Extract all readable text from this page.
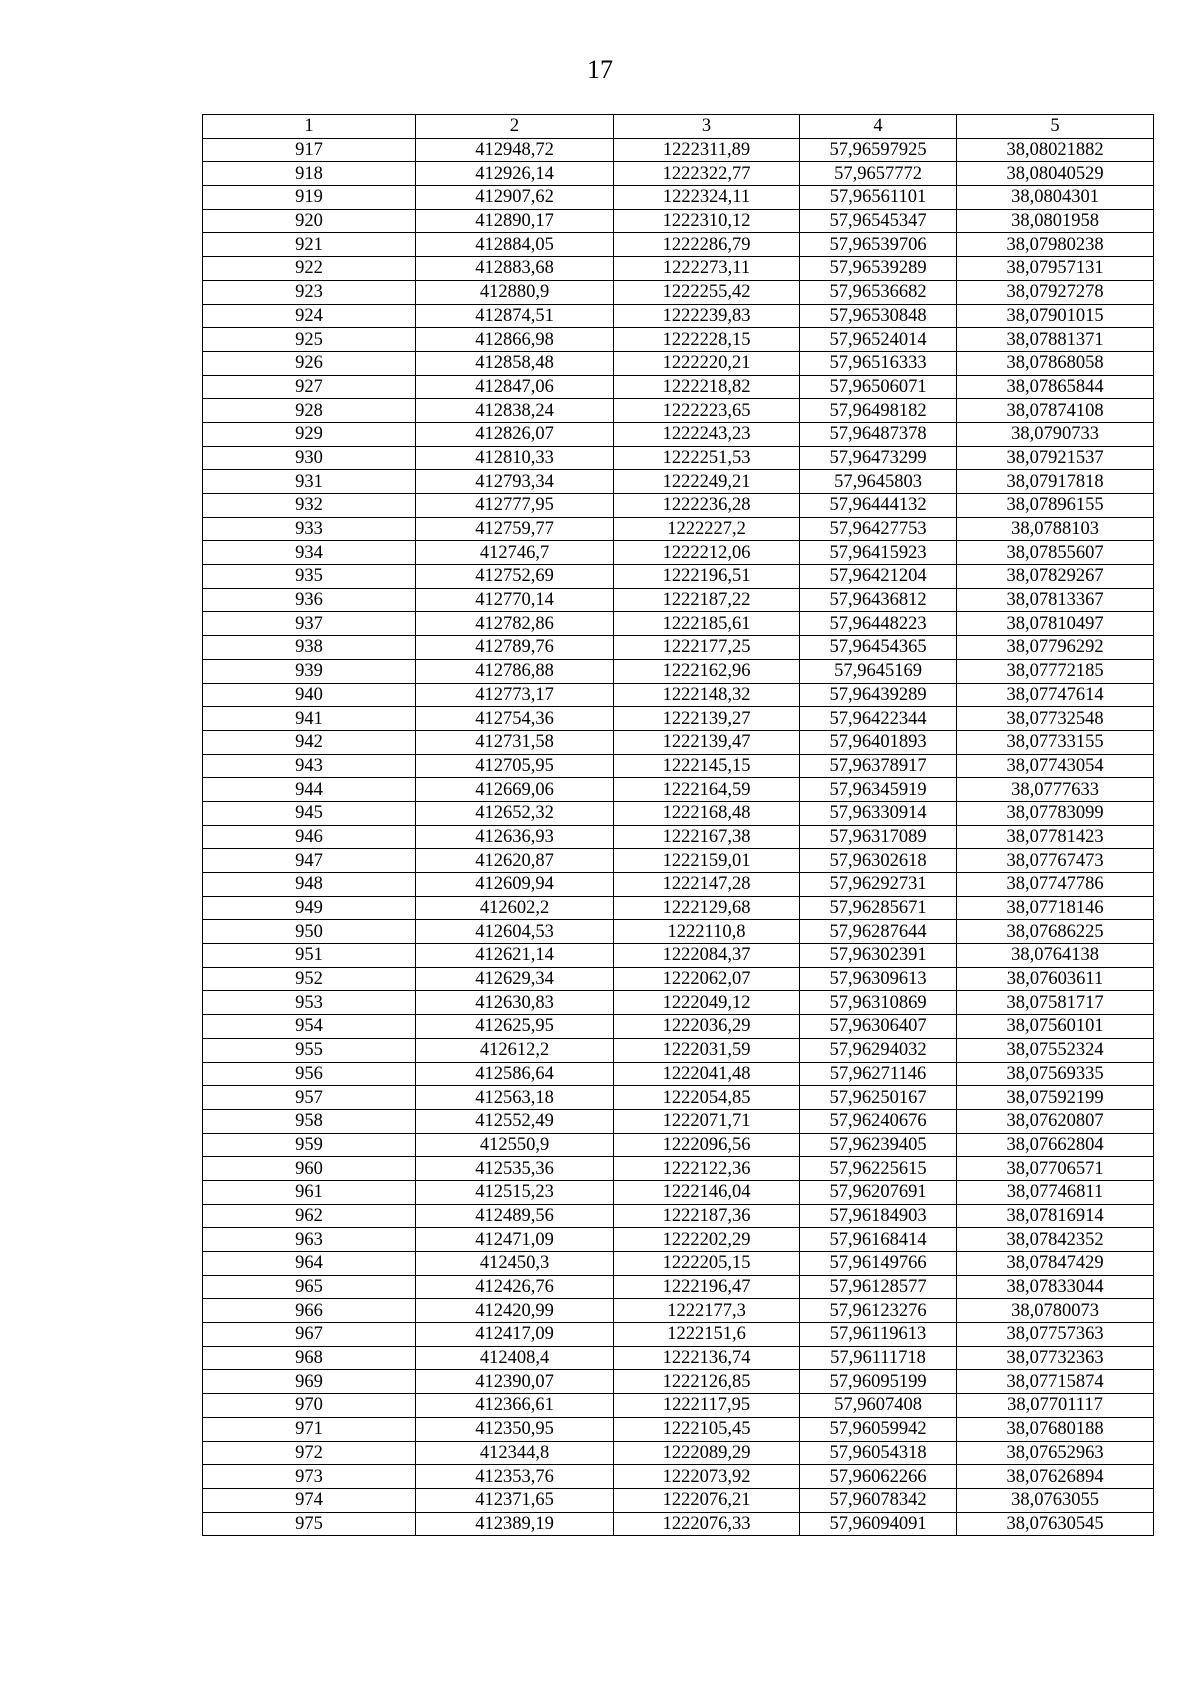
17
1	2	3	4	5
917	412948,72	1222311,89	57,96597925	38,08021882
918	412926,14	1222322,77	57,9657772	38,08040529
919	412907,62	1222324,11	57,96561101	38,0804301
920	412890,17	1222310,12	57,96545347	38,0801958
921	412884,05	1222286,79	57,96539706	38,07980238
922	412883,68	1222273,11	57,96539289	38,07957131
923	412880,9	1222255,42	57,96536682	38,07927278
924	412874,51	1222239,83	57,96530848	38,07901015
925	412866,98	1222228,15	57,96524014	38,07881371
926	412858,48	1222220,21	57,96516333	38,07868058
927	412847,06	1222218,82	57,96506071	38,07865844
928	412838,24	1222223,65	57,96498182	38,07874108
929	412826,07	1222243,23	57,96487378	38,0790733
930	412810,33	1222251,53	57,96473299	38,07921537
931	412793,34	1222249,21	57,9645803	38,07917818
932	412777,95	1222236,28	57,96444132	38,07896155
933	412759,77	1222227,2	57,96427753	38,0788103
934	412746,7	1222212,06	57,96415923	38,07855607
935	412752,69	1222196,51	57,96421204	38,07829267
936	412770,14	1222187,22	57,96436812	38,07813367
937	412782,86	1222185,61	57,96448223	38,07810497
938	412789,76	1222177,25	57,96454365	38,07796292
939	412786,88	1222162,96	57,9645169	38,07772185
940	412773,17	1222148,32	57,96439289	38,07747614
941	412754,36	1222139,27	57,96422344	38,07732548
942	412731,58	1222139,47	57,96401893	38,07733155
943	412705,95	1222145,15	57,96378917	38,07743054
944	412669,06	1222164,59	57,96345919	38,0777633
945	412652,32	1222168,48	57,96330914	38,07783099
946	412636,93	1222167,38	57,96317089	38,07781423
947	412620,87	1222159,01	57,96302618	38,07767473
948	412609,94	1222147,28	57,96292731	38,07747786
949	412602,2	1222129,68	57,96285671	38,07718146
950	412604,53	1222110,8	57,96287644	38,07686225
951	412621,14	1222084,37	57,96302391	38,0764138
952	412629,34	1222062,07	57,96309613	38,07603611
953	412630,83	1222049,12	57,96310869	38,07581717
954	412625,95	1222036,29	57,96306407	38,07560101
955	412612,2	1222031,59	57,96294032	38,07552324
956	412586,64	1222041,48	57,96271146	38,07569335
957	412563,18	1222054,85	57,96250167	38,07592199
958	412552,49	1222071,71	57,96240676	38,07620807
959	412550,9	1222096,56	57,96239405	38,07662804
960	412535,36	1222122,36	57,96225615	38,07706571
961	412515,23	1222146,04	57,96207691	38,07746811
962	412489,56	1222187,36	57,96184903	38,07816914
963	412471,09	1222202,29	57,96168414	38,07842352
964	412450,3	1222205,15	57,96149766	38,07847429
965	412426,76	1222196,47	57,96128577	38,07833044
966	412420,99	1222177,3	57,96123276	38,0780073
967	412417,09	1222151,6	57,96119613	38,07757363
968	412408,4	1222136,74	57,96111718	38,07732363
969	412390,07	1222126,85	57,96095199	38,07715874
970	412366,61	1222117,95	57,9607408	38,07701117
971	412350,95	1222105,45	57,96059942	38,07680188
972	412344,8	1222089,29	57,96054318	38,07652963
973	412353,76	1222073,92	57,96062266	38,07626894
974	412371,65	1222076,21	57,96078342	38,0763055
975	412389,19	1222076,33	57,96094091	38,07630545
